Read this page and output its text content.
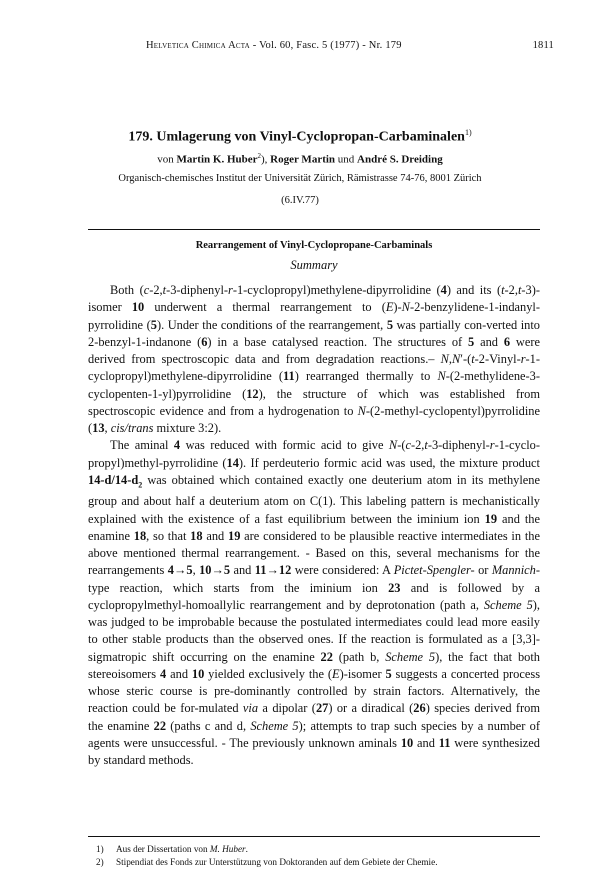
Helvetica Chimica Acta - Vol. 60, Fasc. 5 (1977) - Nr. 179	1811
179. Umlagerung von Vinyl-Cyclopropan-Carbaminalen$^{1)}$
von Martin K. Huber$^2$), Roger Martin und André S. Dreiding
Organisch-chemisches Institut der Universität Zürich, Rämistrasse 74-76, 8001 Zürich
(6.IV.77)
Rearrangement of Vinyl-Cyclopropane-Carbaminals
Summary

Both (c-2,t-3-diphenyl-r-1-cyclopropyl)methylene-dipyrrolidine (4) and its (t-2,t-3)-isomer 10 underwent a thermal rearrangement to (E)-N-2-benzylidene-1-indanyl-pyrrolidine (5). Under the conditions of the rearrangement, 5 was partially con-verted into 2-benzyl-1-indanone (6) in a base catalysed reaction. The structures of 5 and 6 were derived from spectroscopic data and from degradation reactions.– N,N′-(t-2-Vinyl-r-1-cyclopropyl)methylene-dipyrrolidine (11) rearranged thermally to N-(2-methylidene-3-cyclopenten-1-yl)pyrrolidine (12), the structure of which was established from spectroscopic evidence and from a hydrogenation to N-(2-methyl-cyclopentyl)pyrrolidine (13, cis/trans mixture 3:2).

The aminal 4 was reduced with formic acid to give N-(c-2,t-3-diphenyl-r-1-cyclo-propyl)methyl-pyrrolidine (14). If perdeuterio formic acid was used, the mixture product $14-d/14-d_2$ was obtained which contained exactly one deuterium atom in its methylene group and about half a deuterium atom on C(1). This labeling pattern is mechanistically explained with the existence of a fast equilibrium between the iminium ion 19 and the enamine 18, so that 18 and 19 are considered to be plausible reactive intermediates in the above mentioned thermal rearrangement. - Based on this, several mechanisms for the rearrangements 4→5, 10→5 and 11→12 were considered: A Pictet-Spengler- or Mannich-type reaction, which starts from the iminium ion 23 and is followed by a cyclopropylmethyl-homoallylic rearrangement and by deprotonation (path a, Scheme 5), was judged to be improbable because the postulated intermediates could lead more easily to other stable products than the observed ones. If the reaction is formulated as a [3,3]-sigmatropic shift occurring on the enamine 22 (path b, Scheme 5), the fact that both stereoisomers 4 and 10 yielded exclusively the (E)-isomer 5 suggests a concerted process whose steric course is pre-dominantly controlled by strain factors. Alternatively, the reaction could be for-mulated via a dipolar (27) or a diradical (26) species derived from the enamine 22 (paths c and d, Scheme 5); attempts to trap such species by a number of agents were unsuccessful. - The previously unknown aminals 10 and 11 were synthesized by standard methods.

1) Aus der Dissertation von M. Huber.
2) Stipendiat des Fonds zur Unterstützung von Doktoranden auf dem Gebiete der Chemie.
